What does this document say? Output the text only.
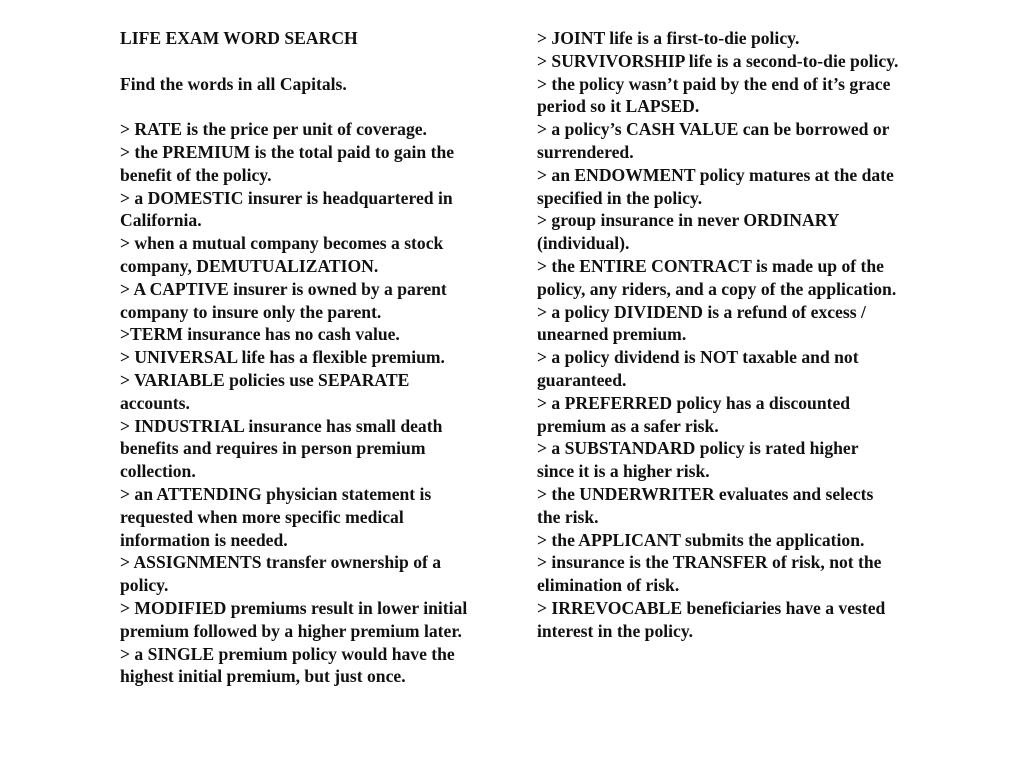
LIFE EXAM WORD SEARCH
Find the words in all Capitals.
> RATE is the price per unit of coverage.
> the PREMIUM is the total paid to gain the benefit of the policy.
> a DOMESTIC insurer is headquartered in California.
> when a mutual company becomes a stock company, DEMUTUALIZATION.
> A CAPTIVE insurer is owned by a parent company to insure only the parent.
>TERM insurance has no cash value.
> UNIVERSAL life has a flexible premium.
> VARIABLE policies use SEPARATE accounts.
> INDUSTRIAL insurance has small death benefits and requires in person premium collection.
> an ATTENDING physician statement is requested when more specific medical information is needed.
> ASSIGNMENTS transfer ownership of a policy.
> MODIFIED premiums result in lower initial premium followed by a higher premium later.
> a SINGLE premium policy would have the highest initial premium, but just once.
> JOINT life is a first-to-die policy.
> SURVIVORSHIP life is a second-to-die policy.
> the policy wasn’t paid by the end of it’s grace period so it LAPSED.
> a policy’s CASH VALUE can be borrowed or surrendered.
> an ENDOWMENT policy matures at the date specified in the policy.
> group insurance in never ORDINARY (individual).
> the ENTIRE CONTRACT is made up of the policy, any riders, and a copy of the application.
> a policy DIVIDEND is a refund of excess / unearned premium.
> a policy dividend is NOT taxable and not guaranteed.
> a PREFERRED policy has a discounted premium as a safer risk.
> a SUBSTANDARD policy is rated higher since it is a higher risk.
> the UNDERWRITER evaluates and selects the risk.
> the APPLICANT submits the application.
> insurance is the TRANSFER of risk, not the elimination of risk.
> IRREVOCABLE beneficiaries have a vested interest in the policy.
